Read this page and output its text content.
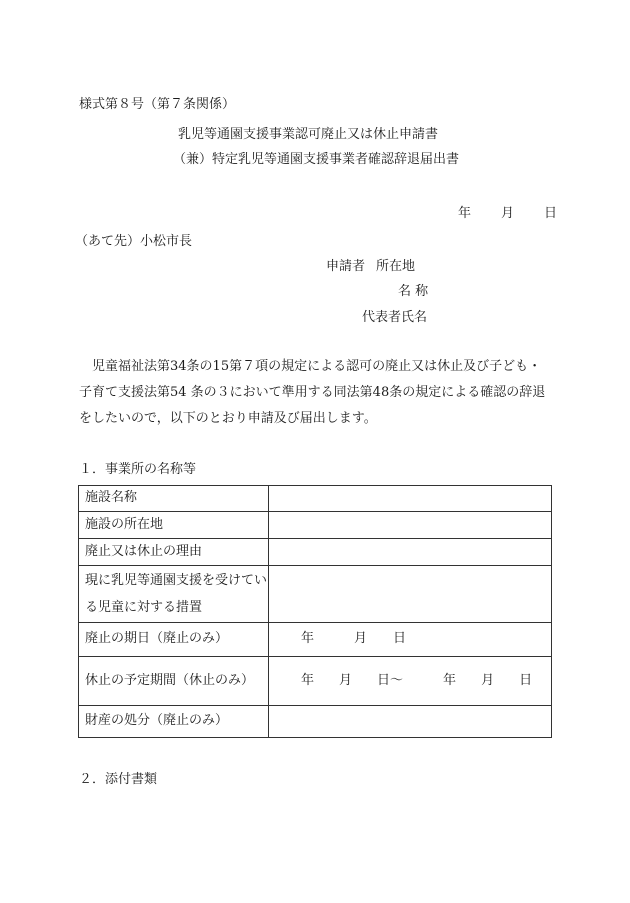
様式第８号（第７条関係）
乳児等通園支援事業認可廃止又は休止申請書
（兼）特定乳児等通園支援事業者確認辞退届出書
年 月 日
（あて先）小松市長
申請者 所在地
名 称
代表者氏名
児童福祉法第34条の15第７項の規定による認可の廃止又は休止及び子ども・子育て支援法第54 条の３において準用する同法第48条の規定による確認の辞退をしたいので，以下のとおり申請及び届出します。
１．事業所の名称等
施設名称	
施設の所在地	
廃止又は休止の理由	
現に乳児等通園支援を受けている児童に対する措置	
廃止の期日（廃止のみ）	年 月 日
休止の予定期間（休止のみ）	年 月 日～ 年 月 日
財産の処分（廃止のみ）	
２．添付書類
